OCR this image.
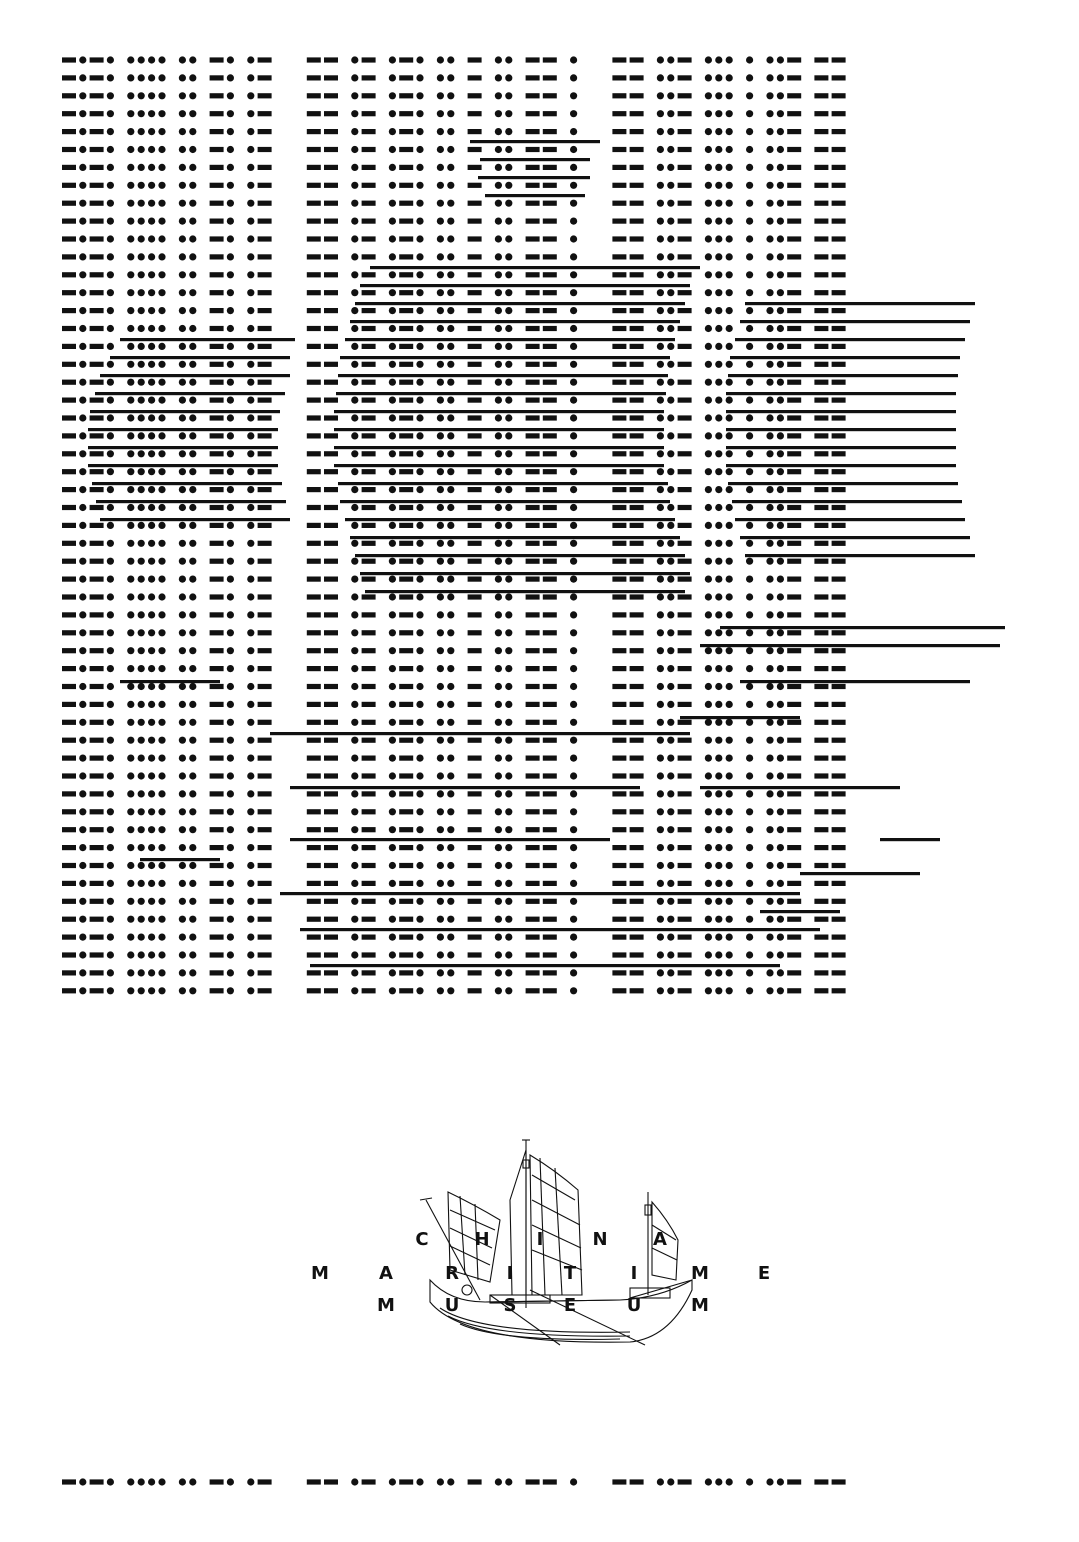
C	H	I	N	A
M	A	R	I	T	I	M	E
M	U	S	E	U	M
